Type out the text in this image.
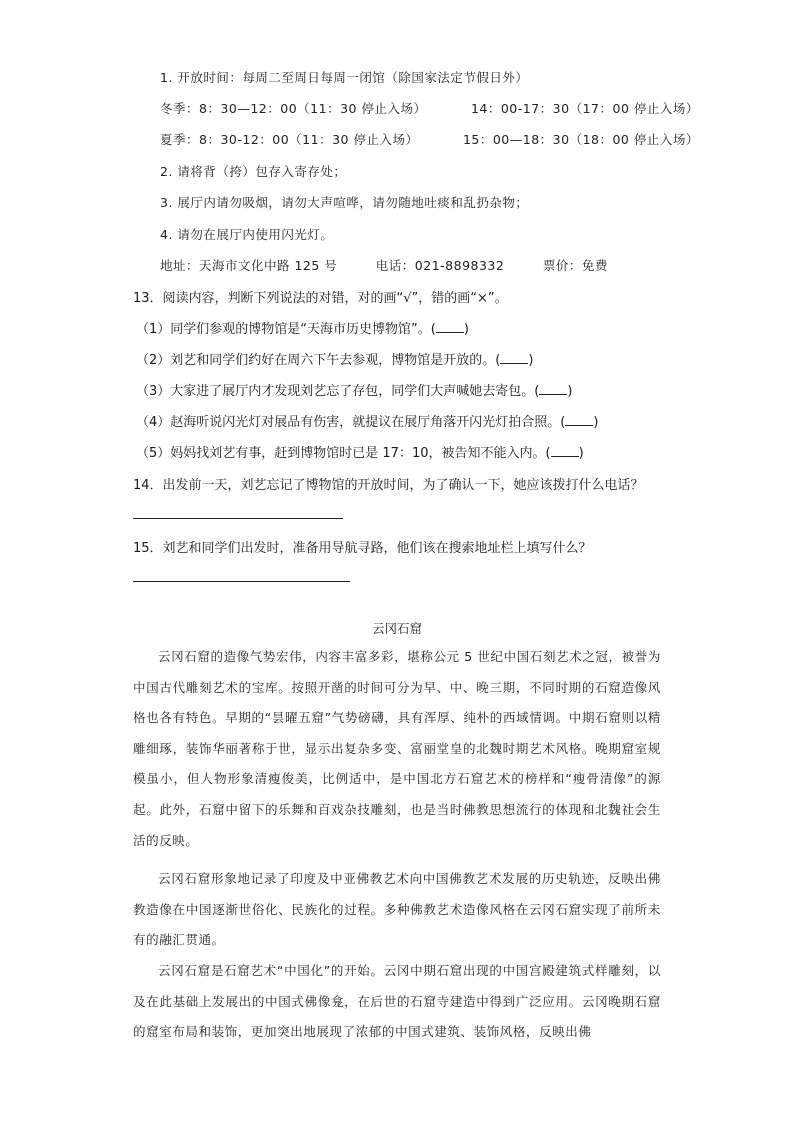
1. 开放时间：每周二至周日每周一闭馆（除国家法定节假日外）
冬季：8：30—12：00（11：30 停止入场）	14：00-17：30（17：00 停止入场）
夏季：8：30-12：00（11：30 停止入场）	15：00—18：30（18：00 停止入场）
2. 请将背（挎）包存入寄存处；
3. 展厅内请勿吸烟，请勿大声喧哗，请勿随地吐痰和乱扔杂物；
4. 请勿在展厅内使用闪光灯。
地址：天海市文化中路 125 号	电话：021-8898332	票价：免费
13．阅读内容，判断下列说法的对错，对的画“√”，错的画“×”。
（1）同学们参观的博物馆是“天海市历史博物馆”。( )
（2）刘艺和同学们约好在周六下午去参观，博物馆是开放的。( )
（3）大家进了展厅内才发现刘艺忘了存包，同学们大声喊她去寄包。( )
（4）赵海听说闪光灯对展品有伤害，就提议在展厅角落开闪光灯拍合照。( )
（5）妈妈找刘艺有事，赶到博物馆时已是 17：10，被告知不能入内。( )
14．出发前一天，刘艺忘记了博物馆的开放时间，为了确认一下，她应该拨打什么电话？
15．刘艺和同学们出发时，准备用导航寻路，他们该在搜索地址栏上填写什么？
云冈石窟
云冈石窟的造像气势宏伟，内容丰富多彩，堪称公元 5 世纪中国石刻艺术之冠，被誉为中国古代雕刻艺术的宝库。按照开凿的时间可分为早、中、晚三期，不同时期的石窟造像风格也各有特色。早期的“昙曜五窟”气势磅礴，具有浑厚、纯朴的西域情调。中期石窟则以精雕细琢，装饰华丽著称于世，显示出复杂多变、富丽堂皇的北魏时期艺术风格。晚期窟室规模虽小，但人物形象清瘦俊美，比例适中，是中国北方石窟艺术的榜样和“瘦骨清像”的源起。此外，石窟中留下的乐舞和百戏杂技雕刻，也是当时佛教思想流行的体现和北魏社会生活的反映。
云冈石窟形象地记录了印度及中亚佛教艺术向中国佛教艺术发展的历史轨迹，反映出佛教造像在中国逐渐世俗化、民族化的过程。多种佛教艺术造像风格在云冈石窟实现了前所未有的融汇贯通。
云冈石窟是石窟艺术“中国化”的开始。云冈中期石窟出现的中国宫殿建筑式样雕刻，以及在此基础上发展出的中国式佛像龛，在后世的石窟寺建造中得到广泛应用。云冈晚期石窟的窟室布局和装饰，更加突出地展现了浓郁的中国式建筑、装饰风格，反映出佛
